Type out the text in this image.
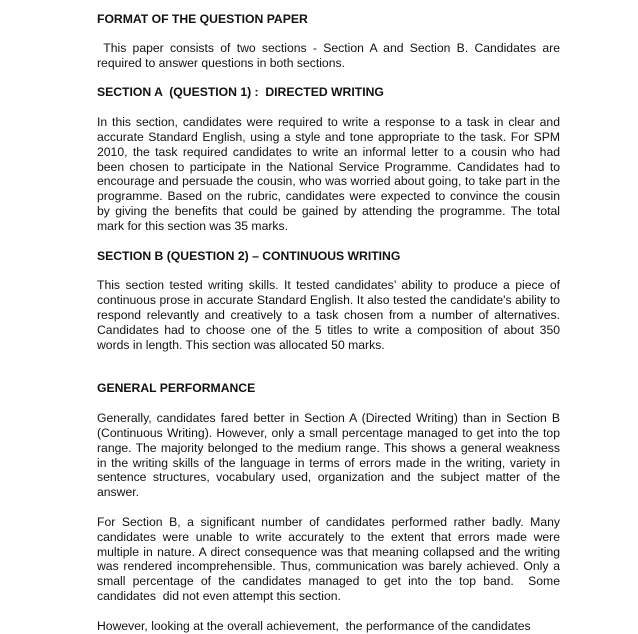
FORMAT OF THE QUESTION PAPER

This paper consists of two sections - Section A and Section B. Candidates are required to answer questions in both sections.

SECTION A  (QUESTION 1) :  DIRECTED WRITING

In this section, candidates were required to write a response to a task in clear and accurate Standard English, using a style and tone appropriate to the task. For SPM 2010, the task required candidates to write an informal letter to a cousin who had been chosen to participate in the National Service Programme. Candidates had to encourage and persuade the cousin, who was worried about going, to take part in the programme. Based on the rubric, candidates were expected to convince the cousin by giving the benefits that could be gained by attending the programme. The total mark for this section was 35 marks.

SECTION B (QUESTION 2) – CONTINUOUS WRITING

This section tested writing skills. It tested candidates’ ability to produce a piece of continuous prose in accurate Standard English. It also tested the candidate's ability to respond relevantly and creatively to a task chosen from a number of alternatives. Candidates had to choose one of the 5 titles to write a composition of about 350 words in length. This section was allocated 50 marks.

GENERAL PERFORMANCE

Generally, candidates fared better in Section A (Directed Writing) than in Section B (Continuous Writing). However, only a small percentage managed to get into the top range. The majority belonged to the medium range. This shows a general weakness in the writing skills of the language in terms of errors made in the writing, variety in sentence structures, vocabulary used, organization and the subject matter of the answer.

For Section B, a significant number of candidates performed rather badly. Many candidates were unable to write accurately to the extent that errors made were multiple in nature. A direct consequence was that meaning collapsed and the writing was rendered incomprehensible. Thus, communication was barely achieved. Only a small percentage of the candidates managed to get into the top band.  Some candidates  did not even attempt this section.

However, looking at the overall achievement,  the performance of the candidates
